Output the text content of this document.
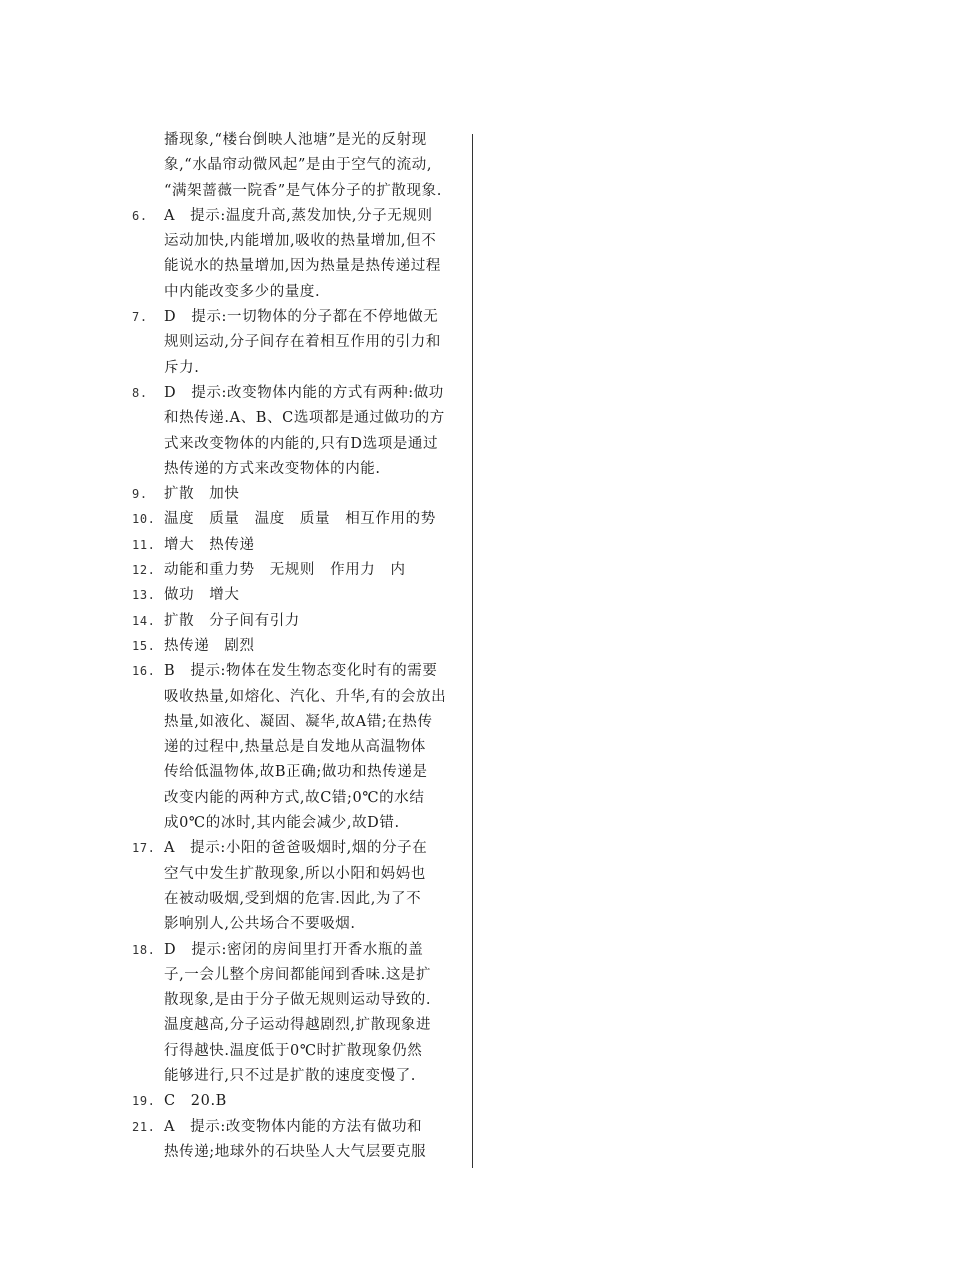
播现象,“楼台倒映人池塘”是光的反射现
象,“水晶帘动微风起”是由于空气的流动,
“满架蔷薇一院香”是气体分子的扩散现象.
6.	A　提示:温度升高,蒸发加快,分子无规则
运动加快,内能增加,吸收的热量增加,但不
能说水的热量增加,因为热量是热传递过程
中内能改变多少的量度.
7.	D　提示:一切物体的分子都在不停地做无
规则运动,分子间存在着相互作用的引力和
斥力.
8.	D　提示:改变物体内能的方式有两种:做功
和热传递.A、B、C选项都是通过做功的方
式来改变物体的内能的,只有D选项是通过
热传递的方式来改变物体的内能.
9.	扩散　加快
10. 温度　质量　温度　质量　相互作用的势
11. 增大　热传递
12. 动能和重力势　无规则　作用力　内
13. 做功　增大
14. 扩散　分子间有引力
15. 热传递　剧烈
16. B　提示:物体在发生物态变化时有的需要
吸收热量,如熔化、汽化、升华,有的会放出
热量,如液化、凝固、凝华,故A错;在热传
递的过程中,热量总是自发地从高温物体
传给低温物体,故B正确;做功和热传递是
改变内能的两种方式,故C错;0℃的水结
成0℃的冰时,其内能会减少,故D错.
17. A　提示:小阳的爸爸吸烟时,烟的分子在
空气中发生扩散现象,所以小阳和妈妈也
在被动吸烟,受到烟的危害.因此,为了不
影响别人,公共场合不要吸烟.
18. D　提示:密闭的房间里打开香水瓶的盖
子,一会儿整个房间都能闻到香味.这是扩
散现象,是由于分子做无规则运动导致的.
温度越高,分子运动得越剧烈,扩散现象进
行得越快.温度低于0℃时扩散现象仍然
能够进行,只不过是扩散的速度变慢了.
19. C　20.B
21. A　提示:改变物体内能的方法有做功和
热传递;地球外的石块坠人大气层要克服
